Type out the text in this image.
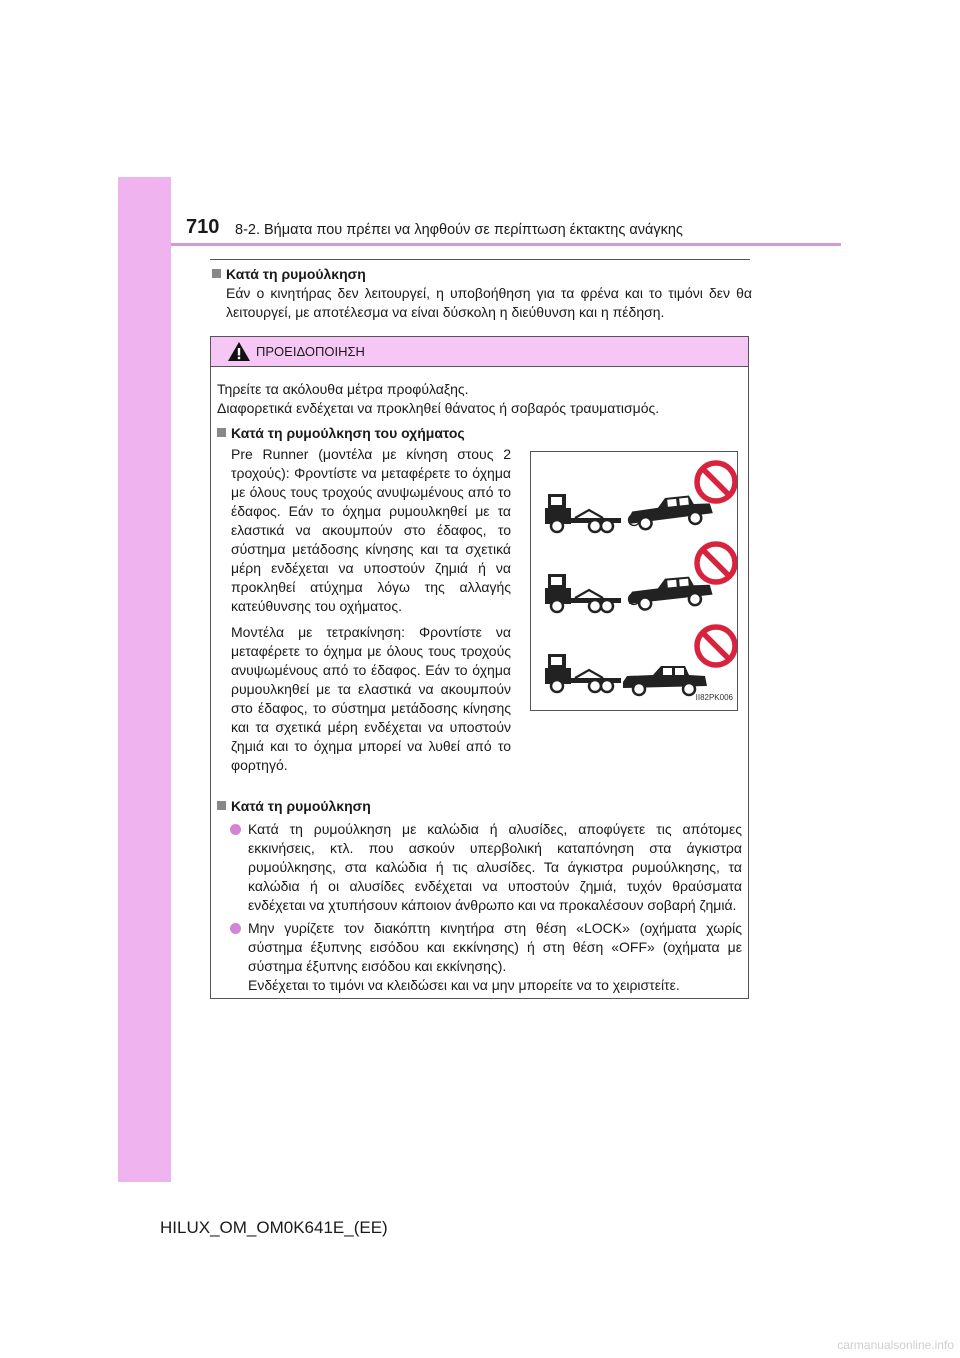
710 8-2. Βήματα που πρέπει να ληφθούν σε περίπτωση έκτακτης ανάγκης

Κατά τη ρυμούλκηση

Εάν ο κινητήρας δεν λειτουργεί, η υποβοήθηση για τα φρένα και το τιμόνι δεν θα λειτουργεί, με αποτέλεσμα να είναι δύσκολη η διεύθυνση και η πέδηση.

ΠΡΟΕΙΔΟΠΟΙΗΣΗ

Τηρείτε τα ακόλουθα μέτρα προφύλαξης.

Διαφορετικά ενδέχεται να προκληθεί θάνατος ή σοβαρός τραυματισμός.

Κατά τη ρυμούλκηση του οχήματος

Pre Runner (μοντέλα με κίνηση στους 2 τροχούς): Φροντίστε να μεταφέρετε το όχημα με όλους τους τροχούς ανυψωμένους από το έδαφος. Εάν το όχημα ρυμουλκηθεί με τα ελαστικά να ακουμπούν στο έδαφος, το σύστημα μετάδοσης κίνησης και τα σχετικά μέρη ενδέχεται να υποστούν ζημιά ή να προκληθεί ατύχημα λόγω της αλλαγής κατεύθυνσης του οχήματος.

Μοντέλα με τετρακίνηση: Φροντίστε να μεταφέρετε το όχημα με όλους τους τροχούς ανυψωμένους από το έδαφος. Εάν το όχημα ρυμουλκηθεί με τα ελαστικά να ακουμπούν στο έδαφος, το σύστημα μετάδοσης κίνησης και τα σχετικά μέρη ενδέχεται να υποστούν ζημιά και το όχημα μπορεί να λυθεί από το φορτηγό.

II82PK006

Κατά τη ρυμούλκηση

Κατά τη ρυμούλκηση με καλώδια ή αλυσίδες, αποφύγετε τις απότομες εκκινήσεις, κτλ. που ασκούν υπερβολική καταπόνηση στα άγκιστρα ρυμούλκησης, στα καλώδια ή τις αλυσίδες. Τα άγκιστρα ρυμούλκησης, τα καλώδια ή οι αλυσίδες ενδέχεται να υποστούν ζημιά, τυχόν θραύσματα ενδέχεται να χτυπήσουν κάποιον άνθρωπο και να προκαλέσουν σοβαρή ζημιά.
Μην γυρίζετε τον διακόπτη κινητήρα στη θέση «LOCK» (οχήματα χωρίς σύστημα έξυπνης εισόδου και εκκίνησης) ή στη θέση «OFF» (οχήματα με σύστημα έξυπνης εισόδου και εκκίνησης).
Ενδέχεται το τιμόνι να κλειδώσει και να μην μπορείτε να το χειριστείτε.
HILUX_OM_OM0K641E_(EE)
carmanualsonline.info
